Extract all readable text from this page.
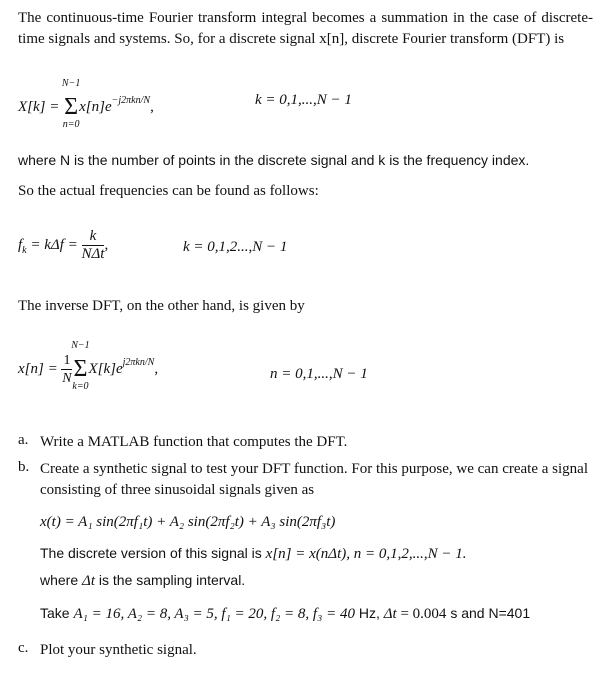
The continuous-time Fourier transform integral becomes a summation in the case of discrete-time signals and systems. So, for a discrete signal x[n], discrete Fourier transform (DFT) is
X[k] =
N−1
Σ
n=0
$x[n]e^{-j2\pi kn/N}$,	k = 0,1,...,N − 1
where N is the number of points in the discrete signal and k is the frequency index.
So the actual frequencies can be found as follows:
$f_k = k\Delta f = \frac{k}{\text{NΔt}}$ ,	k = 0,1,2...,N − 1
The inverse DFT, on the other hand, is given by
$x[n] = \frac{1}{N}$
N−1
Σ
k=0
$X[k]e^{j2\pi kn/N}$,	n = 0,1,...,N − 1
a. Write a MATLAB function that computes the DFT.
b. Create a synthetic signal to test your DFT function. For this purpose, we can create a signal consisting of three sinusoidal signals given as
x(t) = A₁ sin(2πf₁t) + A₂ sin(2πf₂t) + A₃ sin(2πf₃t)
The discrete version of this signal is x[n] = x(nΔt), n = 0,1,2,...,N − 1.
where Δt is the sampling interval.
Take A₁ = 16, A₂ = 8, A₃ = 5, f₁ = 20, f₂ = 8, f₃ = 40 Hz, Δt = 0.004 s and N=401
c. Plot your synthetic signal.
